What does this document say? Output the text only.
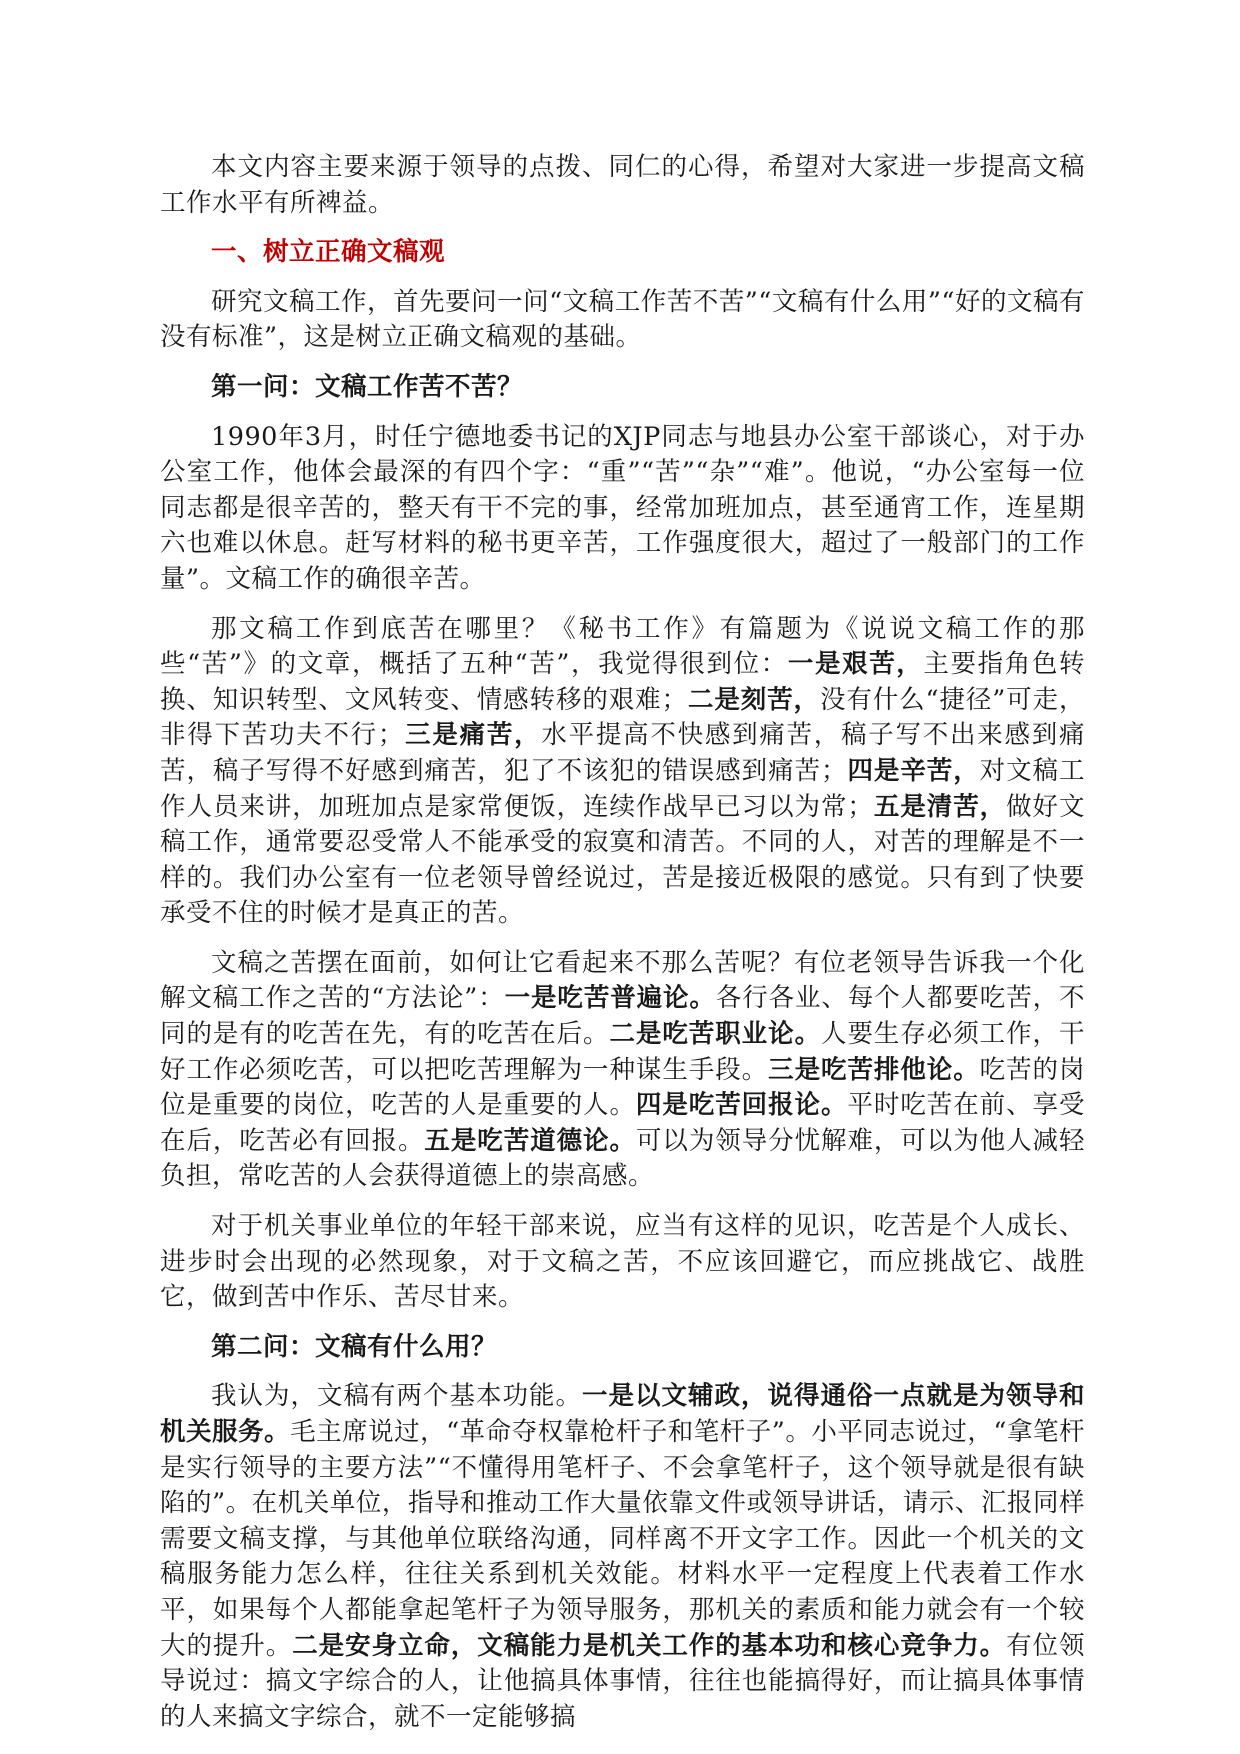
本文内容主要来源于领导的点拨、同仁的心得，希望对大家进一步提高文稿工作水平有所裨益。

一、树立正确文稿观

研究文稿工作，首先要问一问“文稿工作苦不苦”“文稿有什么用”“好的文稿有没有标准”，这是树立正确文稿观的基础。

第一问：文稿工作苦不苦？

1990年3月，时任宁德地委书记的XJP同志与地县办公室干部谈心，对于办公室工作，他体会最深的有四个字：“重”“苦”“杂”“难”。他说，“办公室每一位同志都是很辛苦的，整天有干不完的事，经常加班加点，甚至通宵工作，连星期六也难以休息。赶写材料的秘书更辛苦，工作强度很大，超过了一般部门的工作量”。文稿工作的确很辛苦。

那文稿工作到底苦在哪里？《秘书工作》有篇题为《说说文稿工作的那些“苦”》的文章，概括了五种“苦”，我觉得很到位：一是艰苦，主要指角色转换、知识转型、文风转变、情感转移的艰难；二是刻苦，没有什么“捷径”可走，非得下苦功夫不行；三是痛苦，水平提高不快感到痛苦，稿子写不出来感到痛苦，稿子写得不好感到痛苦，犯了不该犯的错误感到痛苦；四是辛苦，对文稿工作人员来讲，加班加点是家常便饭，连续作战早已习以为常；五是清苦，做好文稿工作，通常要忍受常人不能承受的寂寞和清苦。不同的人，对苦的理解是不一样的。我们办公室有一位老领导曾经说过，苦是接近极限的感觉。只有到了快要承受不住的时候才是真正的苦。

文稿之苦摆在面前，如何让它看起来不那么苦呢？有位老领导告诉我一个化解文稿工作之苦的“方法论”：一是吃苦普遍论。各行各业、每个人都要吃苦，不同的是有的吃苦在先，有的吃苦在后。二是吃苦职业论。人要生存必须工作，干好工作必须吃苦，可以把吃苦理解为一种谋生手段。三是吃苦排他论。吃苦的岗位是重要的岗位，吃苦的人是重要的人。四是吃苦回报论。平时吃苦在前、享受在后，吃苦必有回报。五是吃苦道德论。可以为领导分忧解难，可以为他人减轻负担，常吃苦的人会获得道德上的崇高感。

对于机关事业单位的年轻干部来说，应当有这样的见识，吃苦是个人成长、进步时会出现的必然现象，对于文稿之苦，不应该回避它，而应挑战它、战胜它，做到苦中作乐、苦尽甘来。

第二问：文稿有什么用？

我认为，文稿有两个基本功能。一是以文辅政，说得通俗一点就是为领导和机关服务。毛主席说过，“革命夺权靠枪杆子和笔杆子”。小平同志说过，“拿笔杆是实行领导的主要方法”“不懂得用笔杆子、不会拿笔杆子，这个领导就是很有缺陷的”。在机关单位，指导和推动工作大量依靠文件或领导讲话，请示、汇报同样需要文稿支撑，与其他单位联络沟通，同样离不开文字工作。因此一个机关的文稿服务能力怎么样，往往关系到机关效能。材料水平一定程度上代表着工作水平，如果每个人都能拿起笔杆子为领导服务，那机关的素质和能力就会有一个较大的提升。二是安身立命，文稿能力是机关工作的基本功和核心竞争力。有位领导说过：搞文字综合的人，让他搞具体事情，往往也能搞得好，而让搞具体事情的人来搞文字综合，就不一定能够搞
